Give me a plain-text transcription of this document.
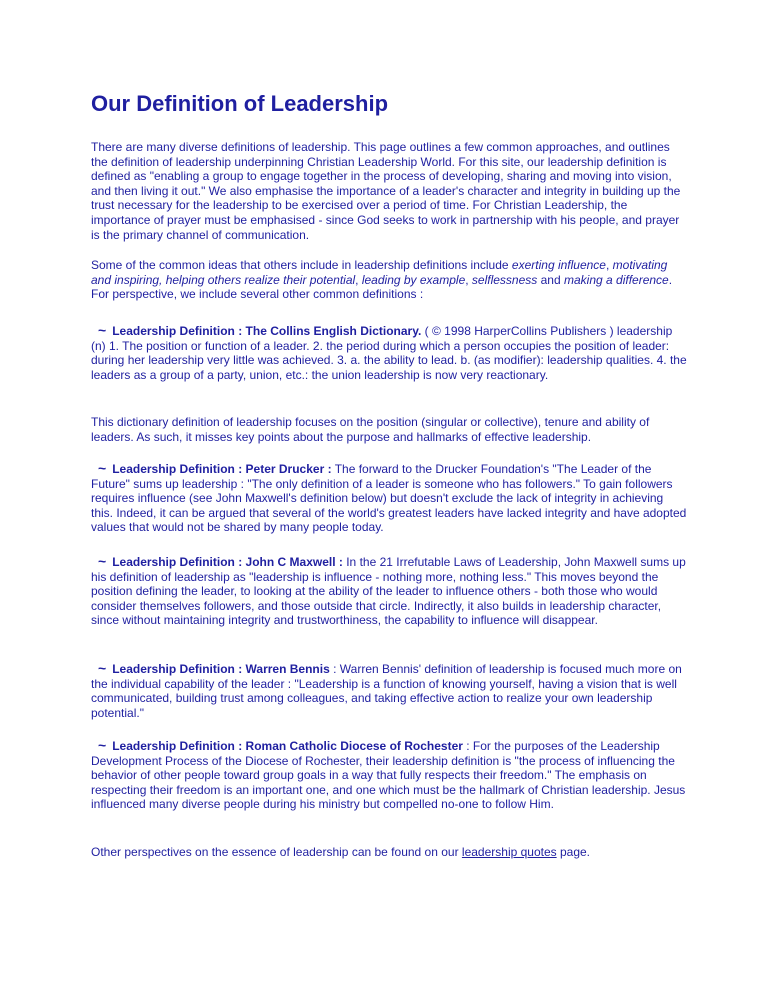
Our Definition of Leadership

There are many diverse definitions of leadership. This page outlines a few common approaches, and outlines the definition of leadership underpinning Christian Leadership World. For this site, our leadership definition is defined as "enabling a group to engage together in the process of developing, sharing and moving into vision, and then living it out." We also emphasise the importance of a leader's character and integrity in building up the trust necessary for the leadership to be exercised over a period of time. For Christian Leadership, the importance of prayer must be emphasised - since God seeks to work in partnership with his people, and prayer is the primary channel of communication.

Some of the common ideas that others include in leadership definitions include exerting influence, motivating and inspiring, helping others realize their potential, leading by example, selflessness and making a difference. For perspective, we include several other common definitions :

~ Leadership Definition : The Collins English Dictionary. ( © 1998 HarperCollins Publishers ) leadership (n) 1. The position or function of a leader. 2. the period during which a person occupies the position of leader: during her leadership very little was achieved. 3. a. the ability to lead. b. (as modifier): leadership qualities. 4. the leaders as a group of a party, union, etc.: the union leadership is now very reactionary.

This dictionary definition of leadership focuses on the position (singular or collective), tenure and ability of leaders. As such, it misses key points about the purpose and hallmarks of effective leadership.

~ Leadership Definition : Peter Drucker : The forward to the Drucker Foundation's "The Leader of the Future" sums up leadership : "The only definition of a leader is someone who has followers." To gain followers requires influence (see John Maxwell's definition below) but doesn't exclude the lack of integrity in achieving this. Indeed, it can be argued that several of the world's greatest leaders have lacked integrity and have adopted values that would not be shared by many people today.

~ Leadership Definition : John C Maxwell : In the 21 Irrefutable Laws of Leadership, John Maxwell sums up his definition of leadership as "leadership is influence - nothing more, nothing less." This moves beyond the position defining the leader, to looking at the ability of the leader to influence others - both those who would consider themselves followers, and those outside that circle. Indirectly, it also builds in leadership character, since without maintaining integrity and trustworthiness, the capability to influence will disappear.

~ Leadership Definition : Warren Bennis : Warren Bennis' definition of leadership is focused much more on the individual capability of the leader : "Leadership is a function of knowing yourself, having a vision that is well communicated, building trust among colleagues, and taking effective action to realize your own leadership potential."

~ Leadership Definition : Roman Catholic Diocese of Rochester : For the purposes of the Leadership Development Process of the Diocese of Rochester, their leadership definition is "the process of influencing the behavior of other people toward group goals in a way that fully respects their freedom." The emphasis on respecting their freedom is an important one, and one which must be the hallmark of Christian leadership. Jesus influenced many diverse people during his ministry but compelled no-one to follow Him.

Other perspectives on the essence of leadership can be found on our leadership quotes page.
